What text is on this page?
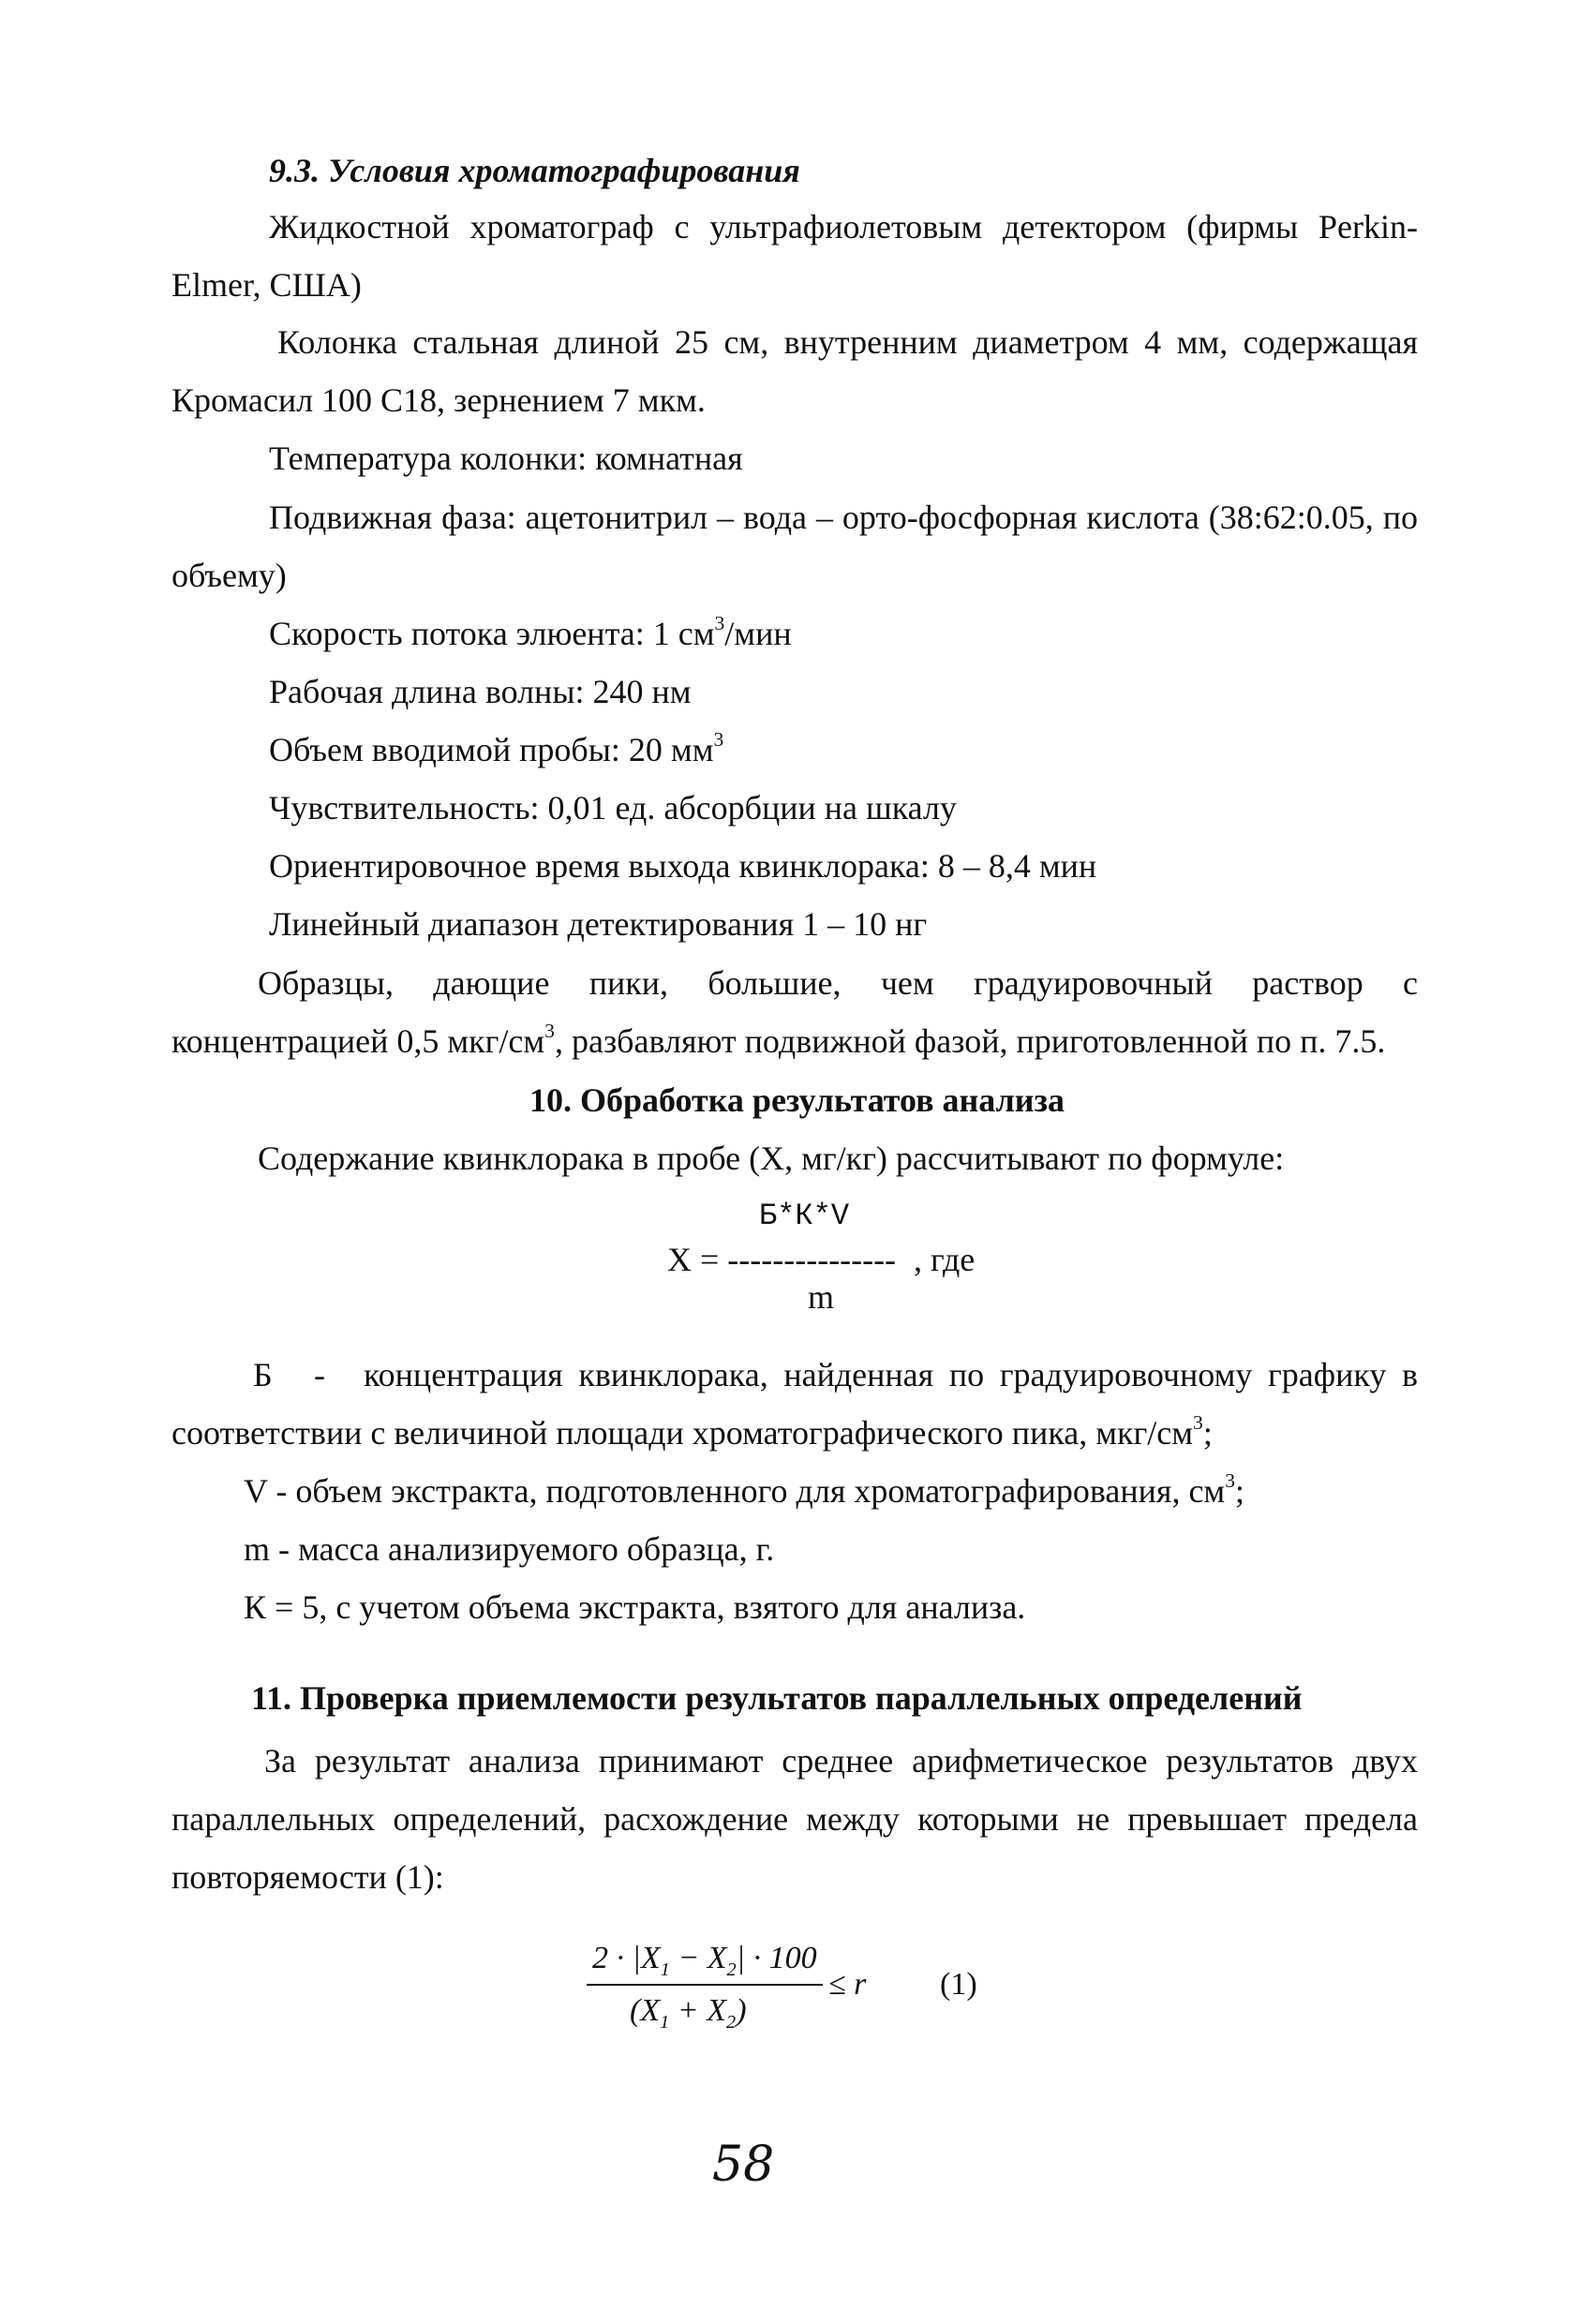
9.3. Условия хроматографирования
Жидкостной хроматограф с ультрафиолетовым детектором (фирмы Perkin-
Elmer, США)
Колонка стальная длиной 25 см, внутренним диаметром 4 мм, содержащая
Кромасил 100 С18, зернением 7 мкм.
Температура колонки: комнатная
Подвижная фаза: ацетонитрил – вода – орто-фосфорная кислота (38:62:0.05, по
объему)
Скорость потока элюента: 1 $см^3$/мин
Рабочая длина волны: 240 нм
Объем вводимой пробы: 20 $мм^3$
Чувствительность: 0,01 ед. абсорбции на шкалу
Ориентировочное время выхода квинклорака: 8 – 8,4 мин
Линейный диапазон детектирования 1 – 10 нг
Образцы, дающие пики, большие, чем градуировочный раствор с
концентрацией 0,5 мкг/$см^3$, разбавляют подвижной фазой, приготовленной по п. 7.5.
10. Обработка результатов анализа
Содержание квинклорака в пробе (X, мг/кг) рассчитывают по формуле:
Б*К*V
X = --------------- , где
m
Б - концентрация квинклорака, найденная по градуировочному графику в
соответствии с величиной площади хроматографического пика, мкг/$см^3$;
V - объем экстракта, подготовленного для хроматографирования, $см^3$;
m - масса анализируемого образца, г.
К = 5, с учетом объема экстракта, взятого для анализа.
11. Проверка приемлемости результатов параллельных определений
За результат анализа принимают среднее арифметическое результатов двух
параллельных определений, расхождение между которыми не превышает предела
повторяемости (1):
$2 \cdot |X_1 - X_2| \cdot 100$
$(X_1 + X_2)$
≤ r (1)
58
